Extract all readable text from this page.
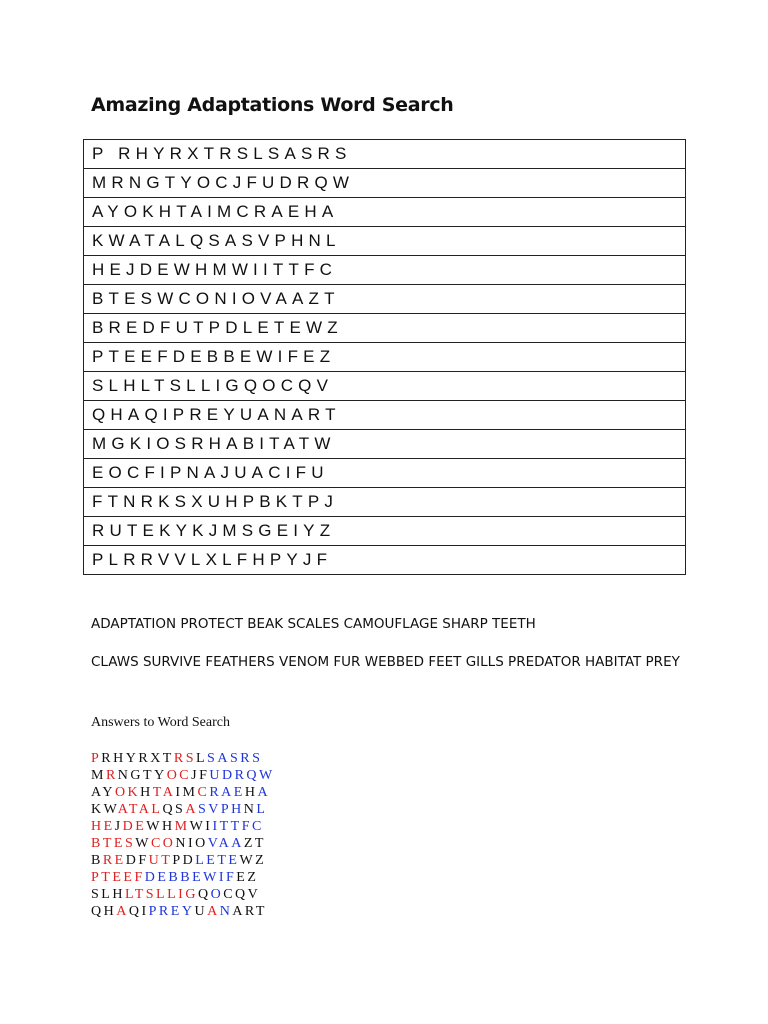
Amazing Adaptations Word Search
P RHYRXTRSLSASRS
MRNGTYOCJFUDRQW
AYOKHTAIMCRAEHA
KWATALQSASVPHNL
HEJDEWHMWIITTFC
BTESWCONIOVAAZT
BREDFUTPDLETEWZ
PTEEFDEBBEWIFEZ
SLHLTSLLIGQOCQV
QHAQIPREYUANART
MGKIOSRHABITATW
EOCFIPNAJUACIFU
FTNRKSXUHPBKTPJ
RUTEKYKJMSGEIYZ
PLRRVVLXLFHPYJF
ADAPTATION PROTECT BEAK SCALES CAMOUFLAGE SHARP TEETH
CLAWS SURVIVE FEATHERS VENOM FUR WEBBED FEET GILLS PREDATOR HABITAT PREY
Answers to Word Search
PRHYRXTRSLSASRS
MRNGTYOCJFUDRQW
AYOKHTAIMCRAEHA
KWATALQSASVPHNL
HEJDEWHMWIITTFC
BTESWCONIOVAAZT
BREDFUTPDLETEWZ
PTEEFDEBBEWIFEZ
SLHLTSLLIGQOCQV
QHAQIPREYUANART
